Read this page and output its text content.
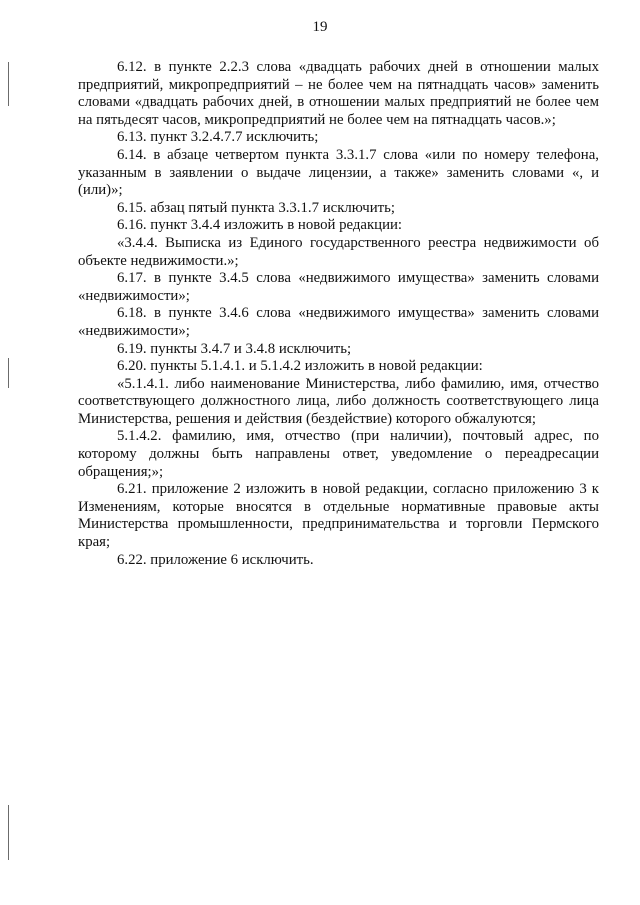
19

6.12. в пункте 2.2.3 слова «двадцать рабочих дней в отношении малых предприятий, микропредприятий – не более чем на пятнадцать часов» заменить словами «двадцать рабочих дней, в отношении малых предприятий не более чем на пятьдесят часов, микропредприятий не более чем на пятнадцать часов.»;

6.13. пункт 3.2.4.7.7 исключить;

6.14. в абзаце четвертом пункта 3.3.1.7 слова «или по номеру телефона, указанным в заявлении о выдаче лицензии, а также» заменить словами «, и (или)»;

6.15. абзац пятый пункта 3.3.1.7 исключить;

6.16. пункт 3.4.4 изложить в новой редакции:

«3.4.4. Выписка из Единого государственного реестра недвижимости об объекте недвижимости.»;

6.17. в пункте 3.4.5 слова «недвижимого имущества» заменить словами «недвижимости»;

6.18. в пункте 3.4.6 слова «недвижимого имущества» заменить словами «недвижимости»;

6.19. пункты 3.4.7 и 3.4.8 исключить;

6.20. пункты 5.1.4.1. и 5.1.4.2 изложить в новой редакции:

«5.1.4.1. либо наименование Министерства, либо фамилию, имя, отчество соответствующего должностного лица, либо должность соответствующего лица Министерства, решения и действия (бездействие) которого обжалуются;

5.1.4.2. фамилию, имя, отчество (при наличии), почтовый адрес, по которому должны быть направлены ответ, уведомление о переадресации обращения;»;

6.21. приложение 2 изложить в новой редакции, согласно приложению 3 к Изменениям, которые вносятся в отдельные нормативные правовые акты Министерства промышленности, предпринимательства и торговли Пермского края;

6.22. приложение 6 исключить.
